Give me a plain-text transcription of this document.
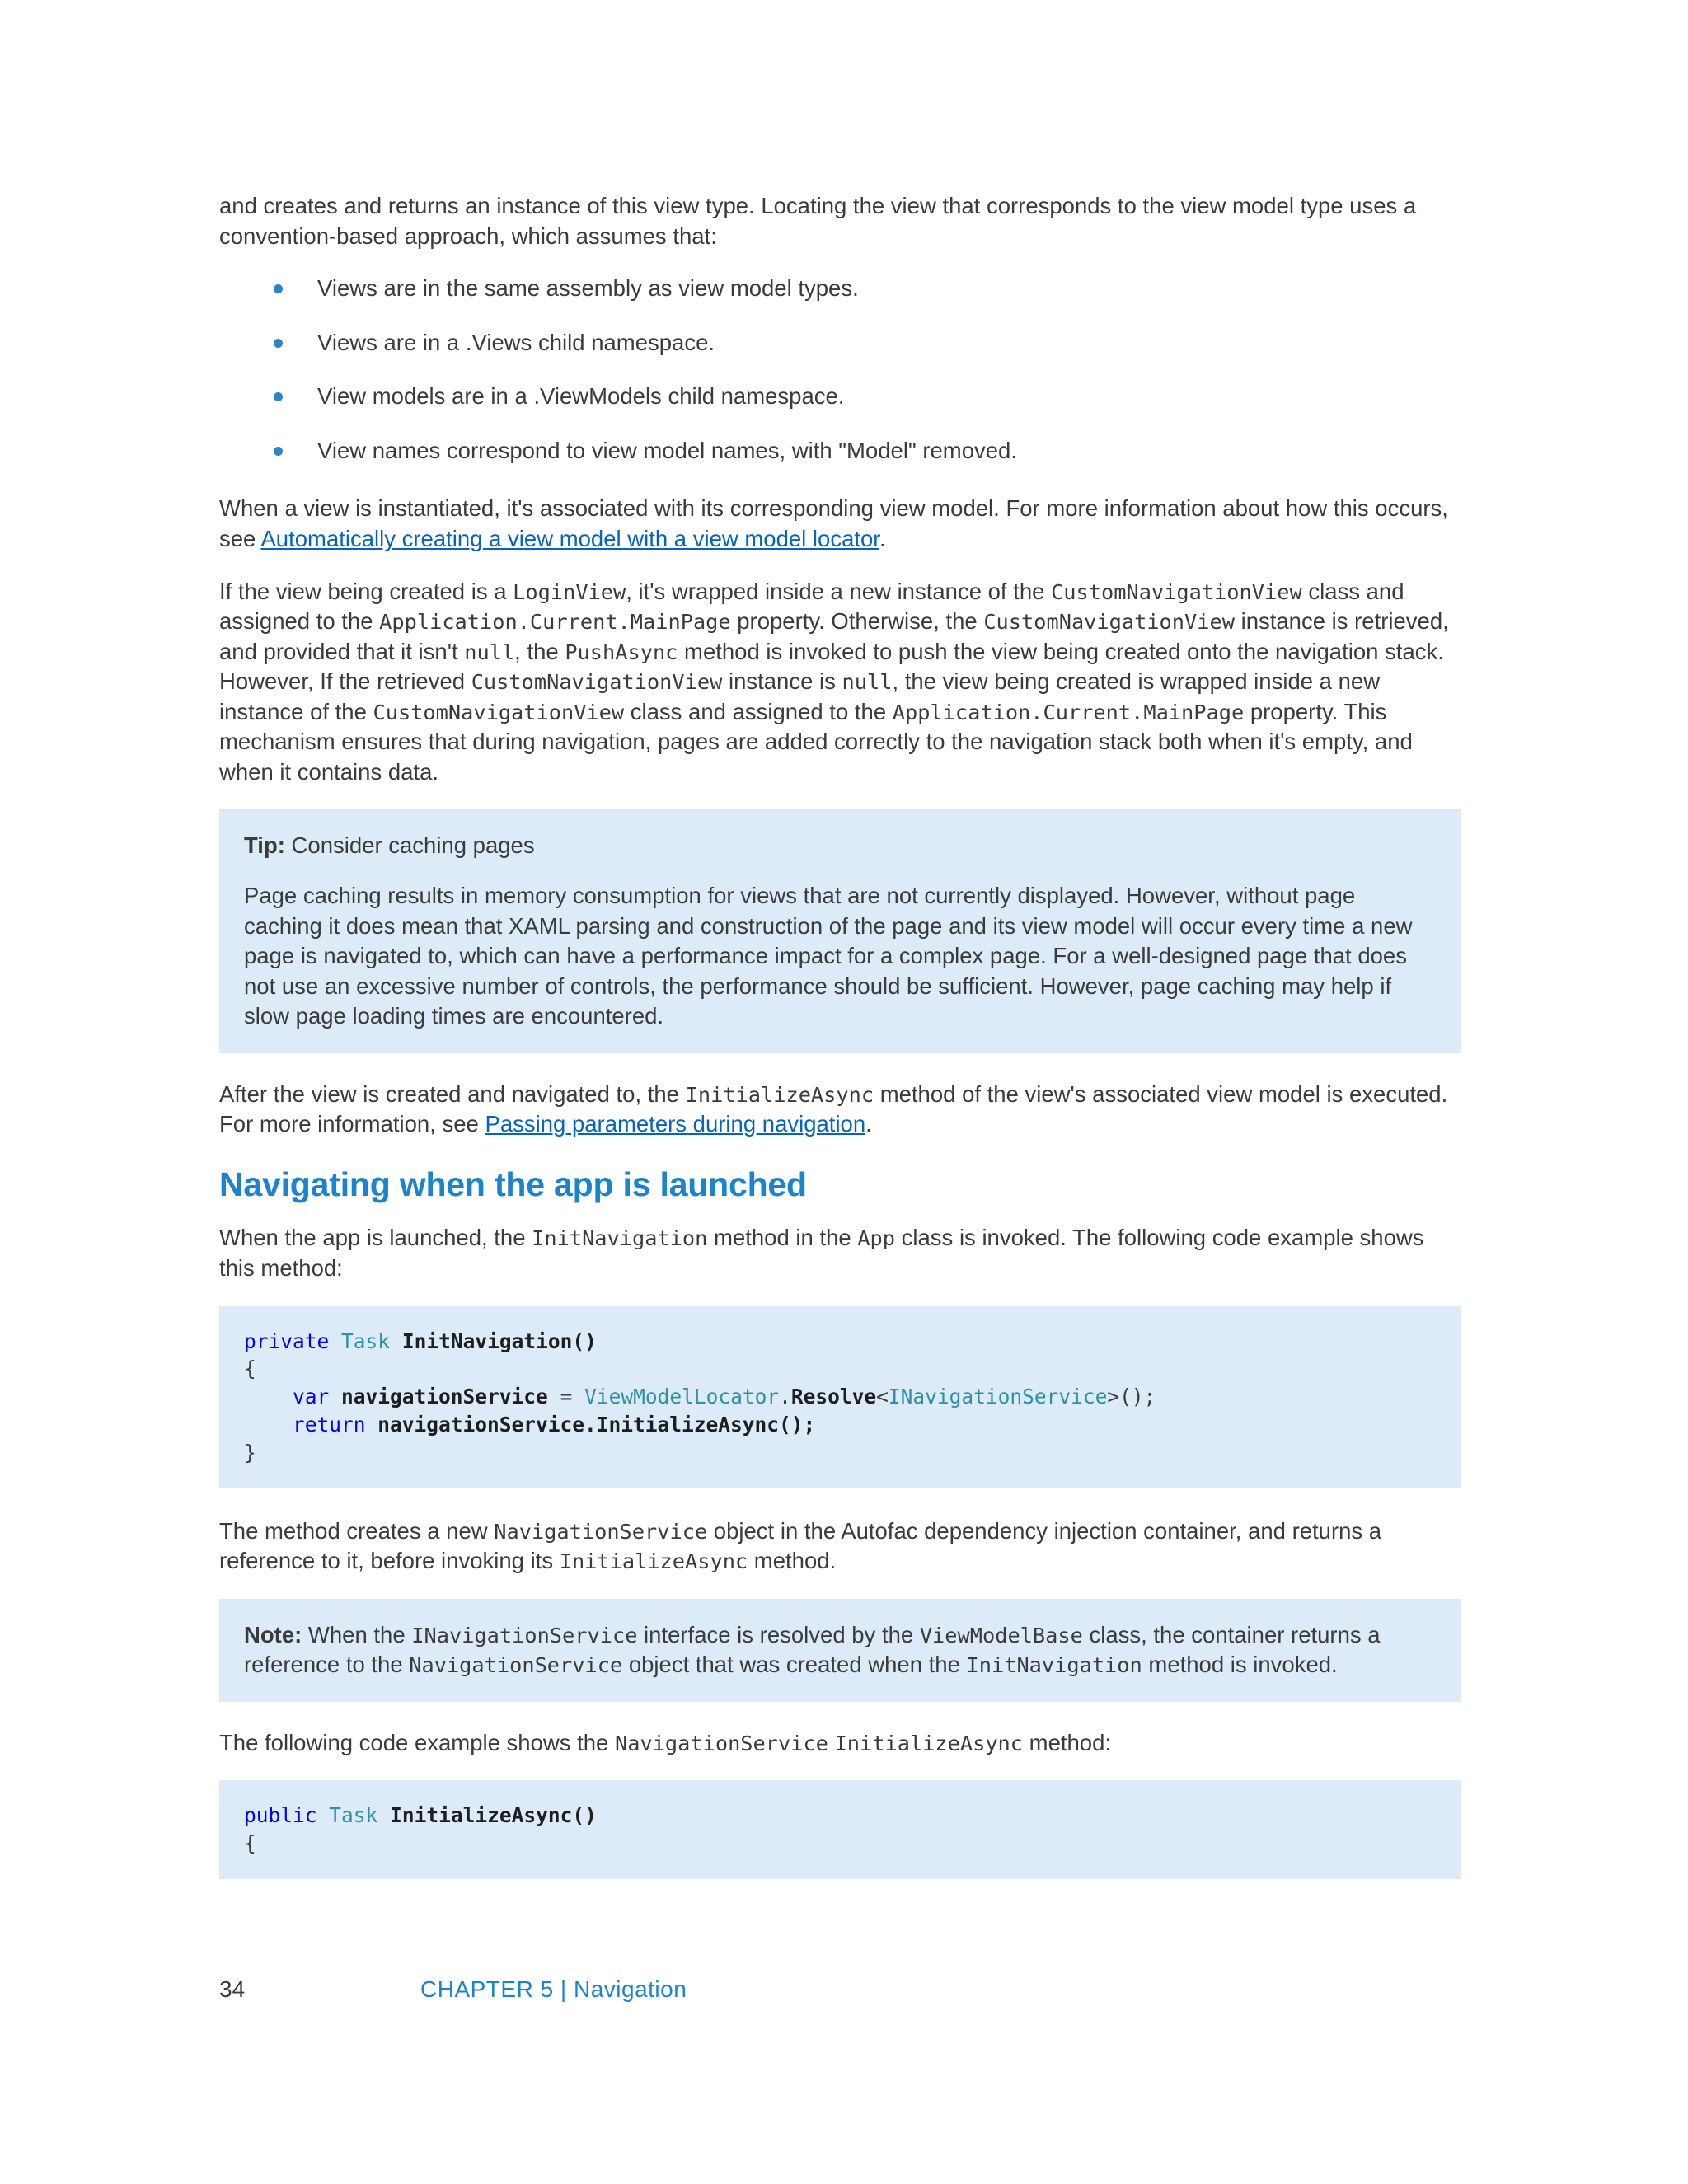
and creates and returns an instance of this view type. Locating the view that corresponds to the view model type uses a convention-based approach, which assumes that:

Views are in the same assembly as view model types.
Views are in a .Views child namespace.
View models are in a .ViewModels child namespace.
View names correspond to view model names, with "Model" removed.

When a view is instantiated, it's associated with its corresponding view model. For more information about how this occurs, see Automatically creating a view model with a view model locator.

If the view being created is a LoginView, it's wrapped inside a new instance of the CustomNavigationView class and assigned to the Application.Current.MainPage property. Otherwise, the CustomNavigationView instance is retrieved, and provided that it isn't null, the PushAsync method is invoked to push the view being created onto the navigation stack. However, If the retrieved CustomNavigationView instance is null, the view being created is wrapped inside a new instance of the CustomNavigationView class and assigned to the Application.Current.MainPage property. This mechanism ensures that during navigation, pages are added correctly to the navigation stack both when it's empty, and when it contains data.

Tip: Consider caching pages

Page caching results in memory consumption for views that are not currently displayed. However, without page caching it does mean that XAML parsing and construction of the page and its view model will occur every time a new page is navigated to, which can have a performance impact for a complex page. For a well-designed page that does not use an excessive number of controls, the performance should be sufficient. However, page caching may help if slow page loading times are encountered.

After the view is created and navigated to, the InitializeAsync method of the view's associated view model is executed. For more information, see Passing parameters during navigation.

Navigating when the app is launched

When the app is launched, the InitNavigation method in the App class is invoked. The following code example shows this method:

private Task InitNavigation()
{
var navigationService = ViewModelLocator.Resolve<INavigationService>();
return navigationService.InitializeAsync();
}

The method creates a new NavigationService object in the Autofac dependency injection container, and returns a reference to it, before invoking its InitializeAsync method.

Note: When the INavigationService interface is resolved by the ViewModelBase class, the container returns a reference to the NavigationService object that was created when the InitNavigation method is invoked.

The following code example shows the NavigationService InitializeAsync method:

public Task InitializeAsync()
{
34	CHAPTER 5 | Navigation
